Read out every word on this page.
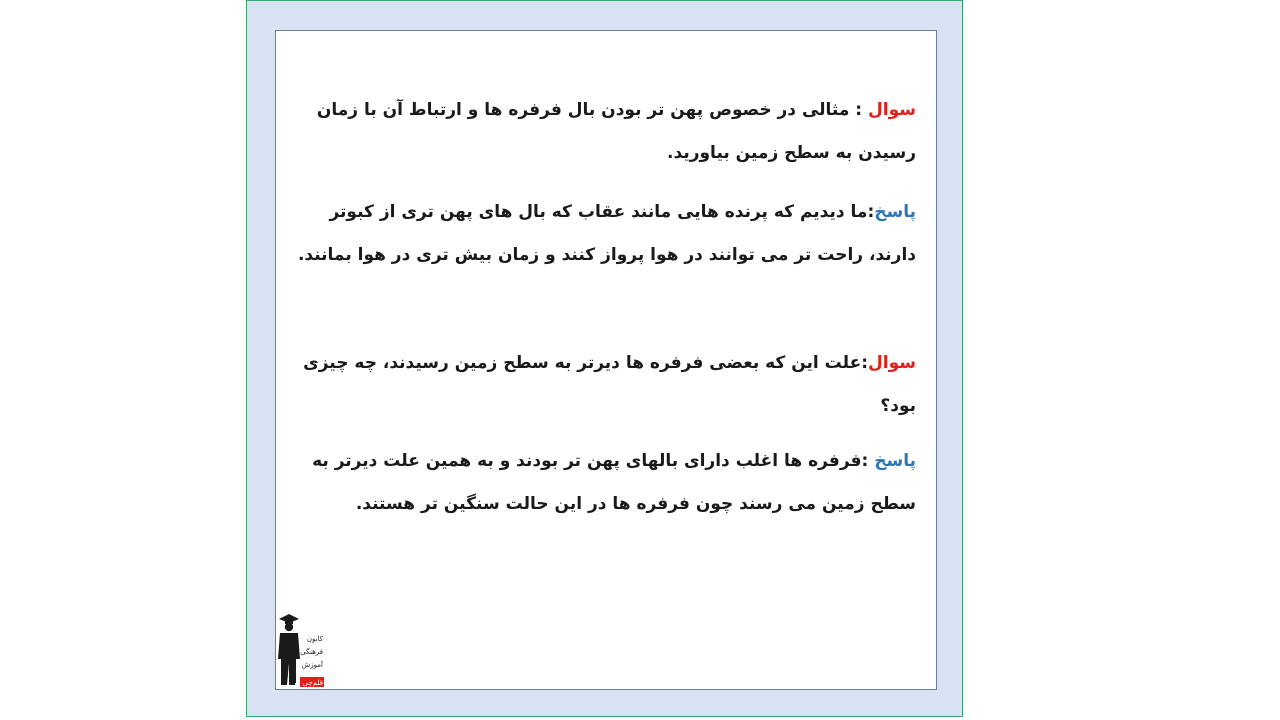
سوال : مثالی در خصوص پهن تر بودن بال فرفره ها و ارتباط آن با زمان رسیدن به سطح زمین بیاورید.
پاسخ:ما دیدیم که پرنده هایی مانند عقاب که بال های پهن تری از کبوتر دارند، راحت تر می توانند در هوا پرواز کنند و زمان بیش تری در هوا بمانند.
سوال:علت این که بعضی فرفره ها دیرتر به سطح زمین رسیدند، چه چیزی بود؟
پاسخ :فرفره ها اغلب دارای بالهای پهن تر بودند و به همین علت دیرتر به سطح زمین می رسند چون فرفره ها در این حالت سنگین تر هستند.
کانون
فرهنگی
آموزش
قلم‌چی
